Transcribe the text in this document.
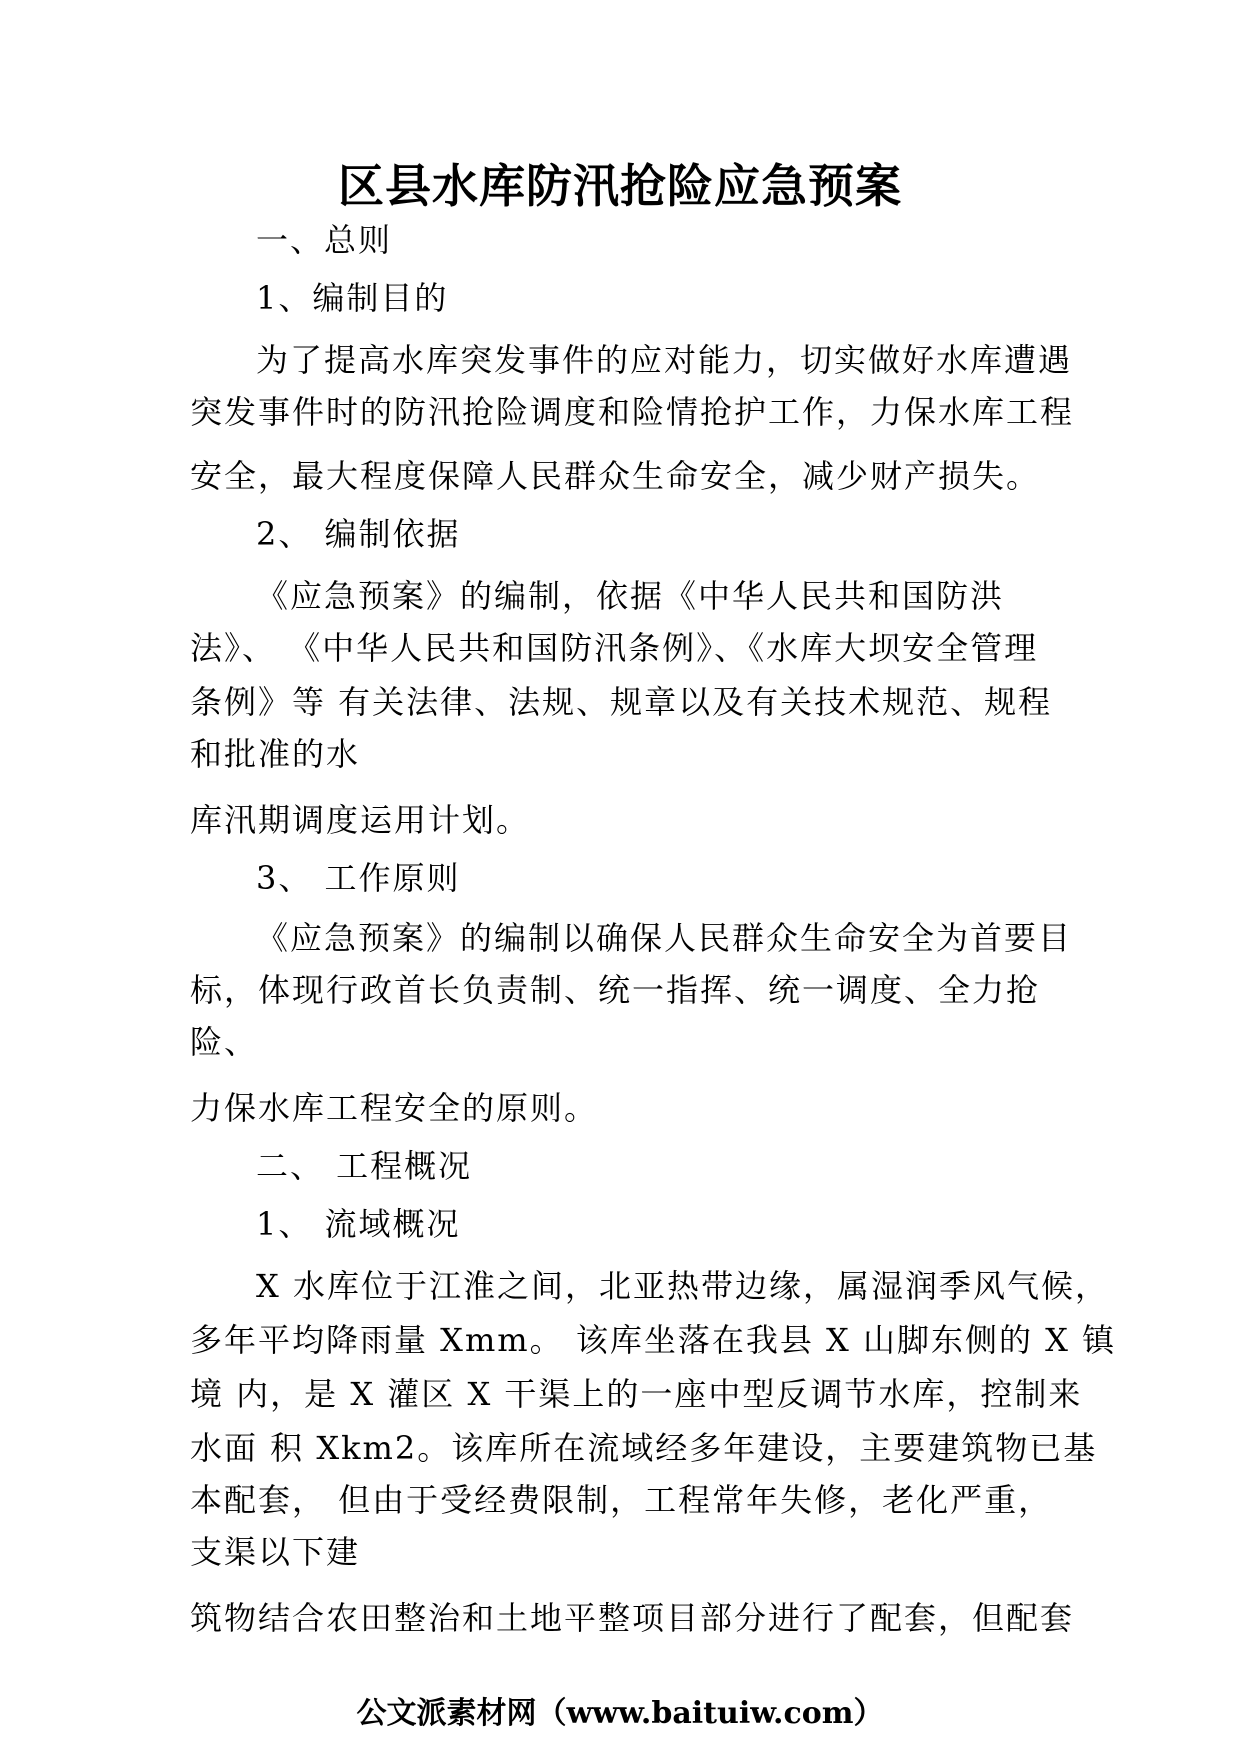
区县水库防汛抢险应急预案
一、总则
1、编制目的
为了提高水库突发事件的应对能力，切实做好水库遭遇
突发事件时的防汛抢险调度和险情抢护工作，力保水库工程
安全，最大程度保障人民群众生命安全，减少财产损失。
2、 编制依据
《应急预案》的编制，依据《中华人民共和国防洪
法》、 《中华人民共和国防汛条例》、《水库大坝安全管理
条例》等 有关法律、法规、规章以及有关技术规范、规程
和批准的水
库汛期调度运用计划。
3、 工作原则
《应急预案》的编制以确保人民群众生命安全为首要目
标，体现行政首长负责制、统一指挥、统一调度、全力抢
险、
力保水库工程安全的原则。
二、 工程概况
1、 流域概况
X 水库位于江淮之间，北亚热带边缘，属湿润季风气候，
多年平均降雨量 Xmm。 该库坐落在我县 X 山脚东侧的 X 镇
境 内，是 X 灌区 X 干渠上的一座中型反调节水库，控制来
水面 积 Xkm2。该库所在流域经多年建设，主要建筑物已基
本配套， 但由于受经费限制，工程常年失修，老化严重，
支渠以下建
筑物结合农田整治和土地平整项目部分进行了配套，但配套
公文派素材网（www.baituiw.com）
